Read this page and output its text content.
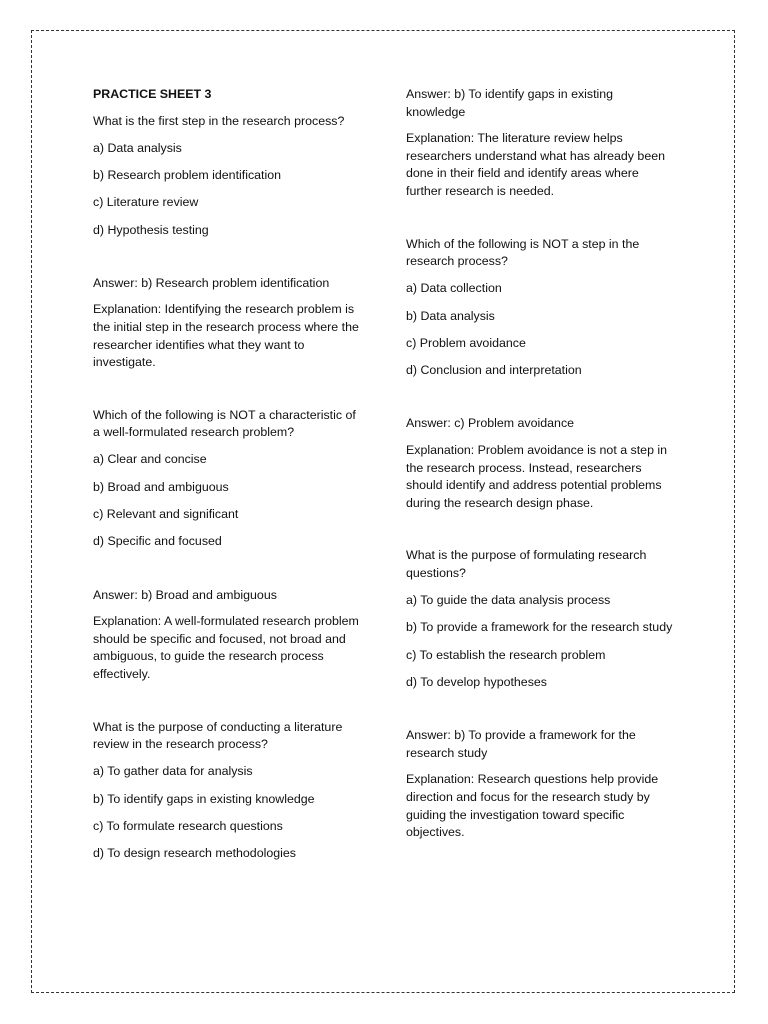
PRACTICE SHEET 3

What is the first step in the research process?

a) Data analysis

b) Research problem identification

c) Literature review

d) Hypothesis testing

Answer: b) Research problem identification

Explanation: Identifying the research problem is the initial step in the research process where the researcher identifies what they want to investigate.

Which of the following is NOT a characteristic of a well-formulated research problem?

a) Clear and concise

b) Broad and ambiguous

c) Relevant and significant

d) Specific and focused

Answer: b) Broad and ambiguous

Explanation: A well-formulated research problem should be specific and focused, not broad and ambiguous, to guide the research process effectively.

What is the purpose of conducting a literature review in the research process?

a) To gather data for analysis

b) To identify gaps in existing knowledge

c) To formulate research questions

d) To design research methodologies

Answer: b) To identify gaps in existing knowledge

Explanation: The literature review helps researchers understand what has already been done in their field and identify areas where further research is needed.

Which of the following is NOT a step in the research process?

a) Data collection

b) Data analysis

c) Problem avoidance

d) Conclusion and interpretation

Answer: c) Problem avoidance

Explanation: Problem avoidance is not a step in the research process. Instead, researchers should identify and address potential problems during the research design phase.

What is the purpose of formulating research questions?

a) To guide the data analysis process

b) To provide a framework for the research study

c) To establish the research problem

d) To develop hypotheses

Answer: b) To provide a framework for the research study

Explanation: Research questions help provide direction and focus for the research study by guiding the investigation toward specific objectives.
